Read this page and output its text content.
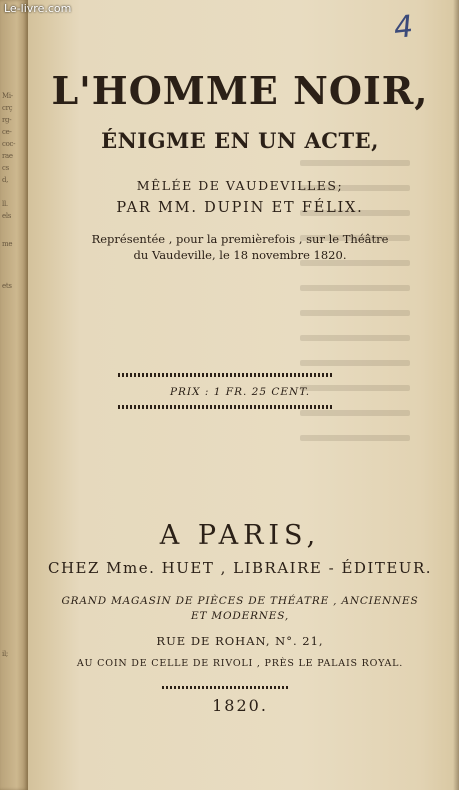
Mi-

crç

rg-

ce-

coc-

rae

cs

d,

ll.

els

me

ets

il;

Le-livre.com
4
L'HOMME NOIR,
ÉNIGME EN UN ACTE,
MÊLÉE DE VAUDEVILLES;
PAR MM. DUPIN ET FÉLIX.
Représentée , pour la premièrefois , sur le Théâtre
du Vaudeville, le 18 novembre 1820.
PRIX : 1 FR. 25 CENT.
A PARIS,
CHEZ Mme. HUET , LIBRAIRE - ÉDITEUR.
GRAND MAGASIN DE PIÈCES DE THÉATRE , ANCIENNES
ET MODERNES,
RUE DE ROHAN, N°. 21,
AU COIN DE CELLE DE RIVOLI , PRÈS LE PALAIS ROYAL.
1820.
